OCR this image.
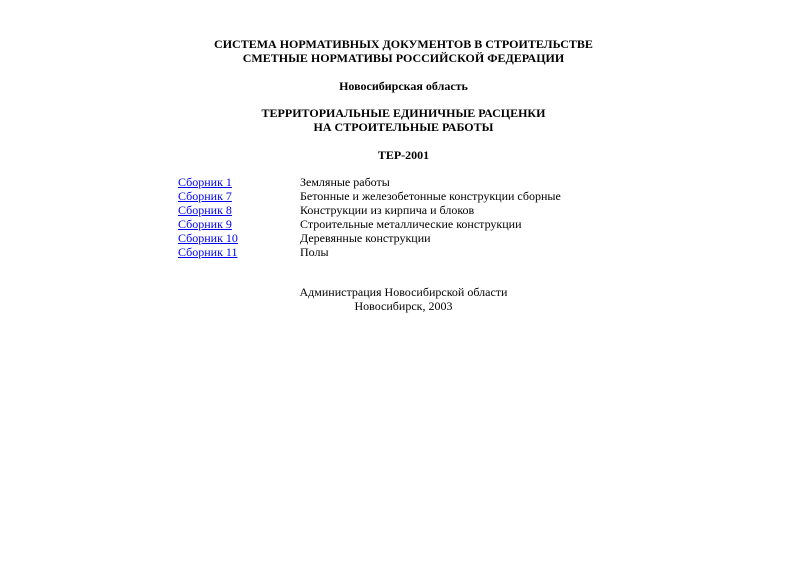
СИСТЕМА НОРМАТИВНЫХ ДОКУМЕНТОВ В СТРОИТЕЛЬСТВЕ
СМЕТНЫЕ НОРМАТИВЫ РОССИЙСКОЙ ФЕДЕРАЦИИ
Новосибирская область
ТЕРРИТОРИАЛЬНЫЕ ЕДИНИЧНЫЕ РАСЦЕНКИ
НА СТРОИТЕЛЬНЫЕ РАБОТЫ
ТЕР-2001
Сборник 1	Земляные работы
Сборник 7	Бетонные и железобетонные конструкции сборные
Сборник 8	Конструкции из кирпича и блоков
Сборник 9	Строительные металлические конструкции
Сборник 10	Деревянные конструкции
Сборник 11	Полы
Администрация Новосибирской области
Новосибирск, 2003
